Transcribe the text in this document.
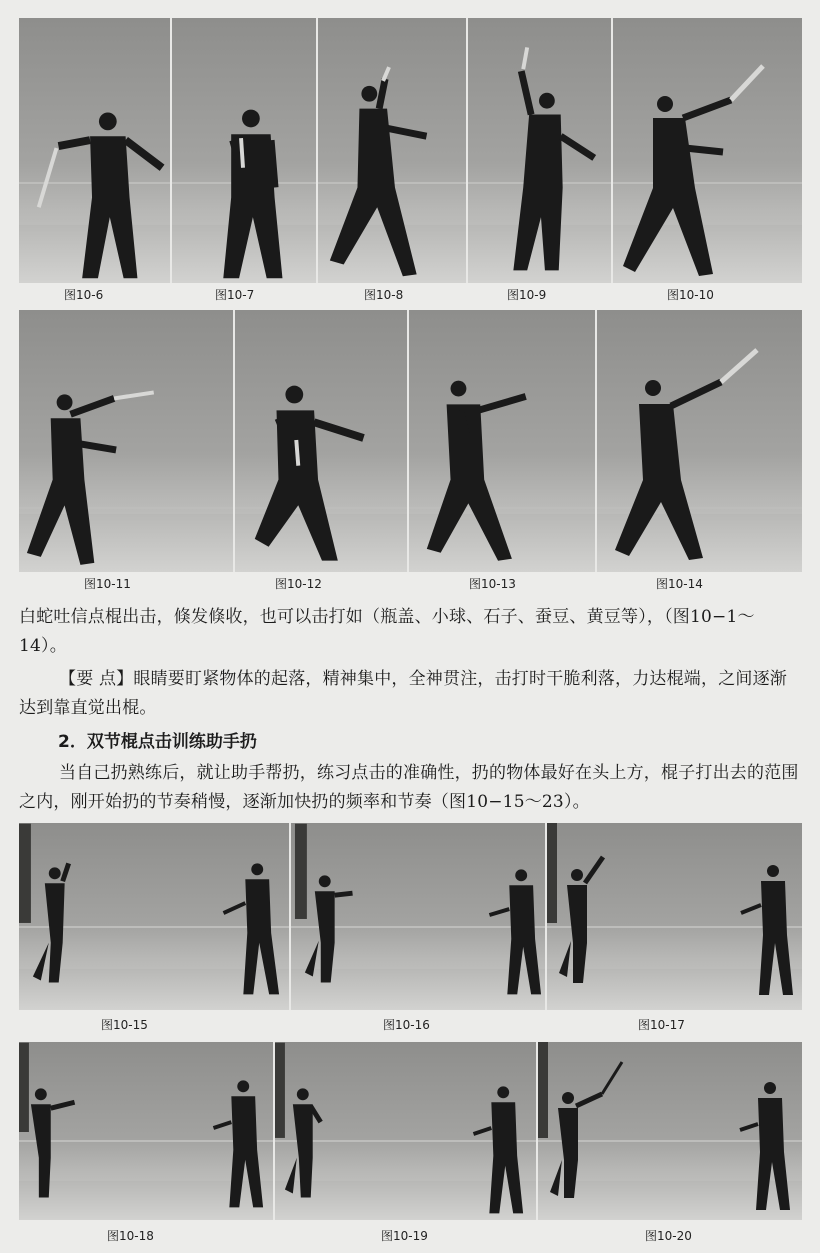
图10-6	图10-7	图10-8	图10-9	图10-10
图10-11	图10-12	图10-13	图10-14
白蛇吐信点棍出击，倏发倏收，也可以击打如（瓶盖、小球、石子、蚕豆、黄豆等），（图10−1～14）。
【要 点】眼睛要盯紧物体的起落，精神集中，全神贯注，击打时干脆利落，力达棍端，之间逐渐达到靠直觉出棍。
2．双节棍点击训练助手扔
当自己扔熟练后，就让助手帮扔，练习点击的准确性，扔的物体最好在头上方，棍子打出去的范围之内，刚开始扔的节奏稍慢，逐渐加快扔的频率和节奏（图10−15～23）。
图10-15	图10-16	图10-17
图10-18	图10-19	图10-20
